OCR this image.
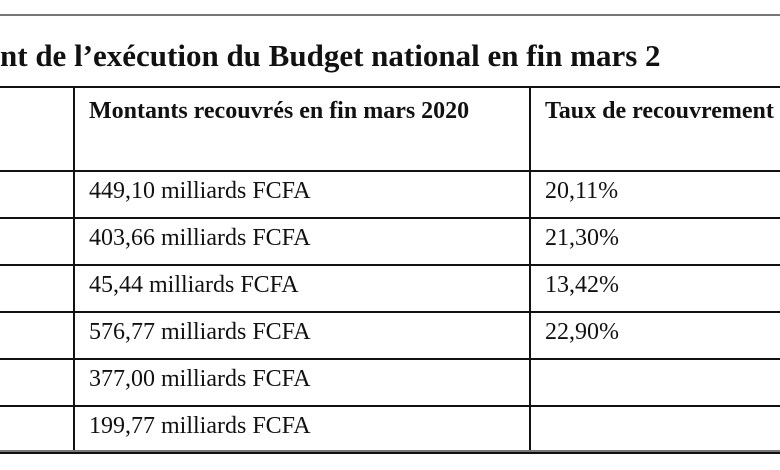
nt de l’exécution du Budget national en fin mars 2
	Montants recouvrés en fin mars 2020	Taux de recouvrement
	449,10 milliards FCFA	20,11%
	403,66 milliards FCFA	21,30%
	45,44 milliards FCFA	13,42%
	576,77 milliards FCFA	22,90%
	377,00 milliards FCFA	
	199,77 milliards FCFA	
